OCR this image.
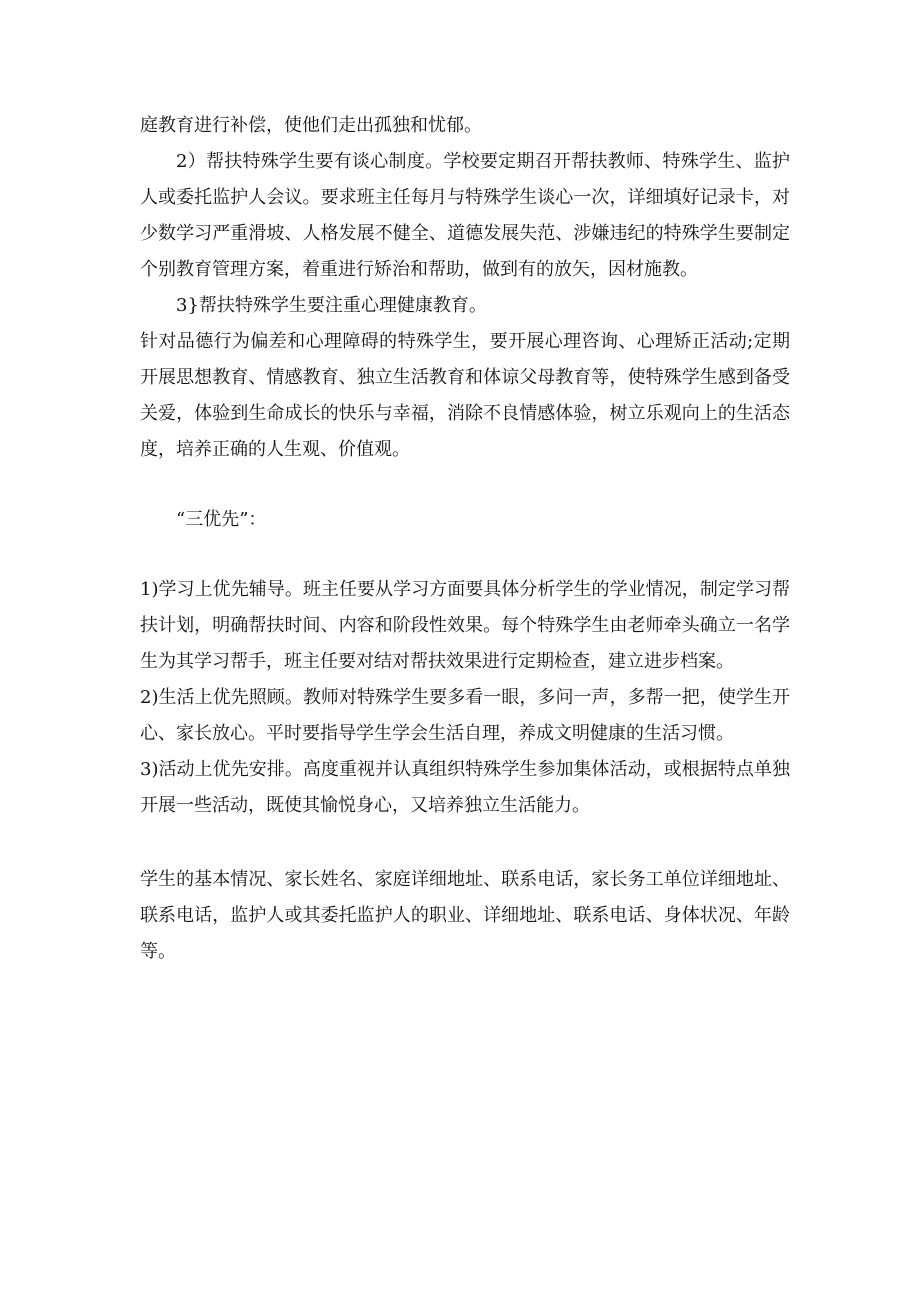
庭教育进行补偿，使他们走出孤独和忧郁。

2）帮扶特殊学生要有谈心制度。学校要定期召开帮扶教师、特殊学生、监护人或委托监护人会议。要求班主任每月与特殊学生谈心一次，详细填好记录卡，对少数学习严重滑坡、人格发展不健全、道德发展失范、涉嫌违纪的特殊学生要制定个别教育管理方案，着重进行矫治和帮助，做到有的放矢，因材施教。

3}帮扶特殊学生要注重心理健康教育。

针对品德行为偏差和心理障碍的特殊学生，要开展心理咨询、心理矫正活动;定期开展思想教育、情感教育、独立生活教育和体谅父母教育等，使特殊学生感到备受关爱，体验到生命成长的快乐与幸福，消除不良情感体验，树立乐观向上的生活态度，培养正确的人生观、价值观。

“三优先”：

1)学习上优先辅导。班主任要从学习方面要具体分析学生的学业情况，制定学习帮扶计划，明确帮扶时间、内容和阶段性效果。每个特殊学生由老师牵头确立一名学生为其学习帮手，班主任要对结对帮扶效果进行定期检查，建立进步档案。

2)生活上优先照顾。教师对特殊学生要多看一眼，多问一声，多帮一把，使学生开心、家长放心。平时要指导学生学会生活自理，养成文明健康的生活习惯。

3)活动上优先安排。高度重视并认真组织特殊学生参加集体活动，或根据特点单独开展一些活动，既使其愉悦身心，又培养独立生活能力。

学生的基本情况、家长姓名、家庭详细地址、联系电话，家长务工单位详细地址、联系电话，监护人或其委托监护人的职业、详细地址、联系电话、身体状况、年龄等。
